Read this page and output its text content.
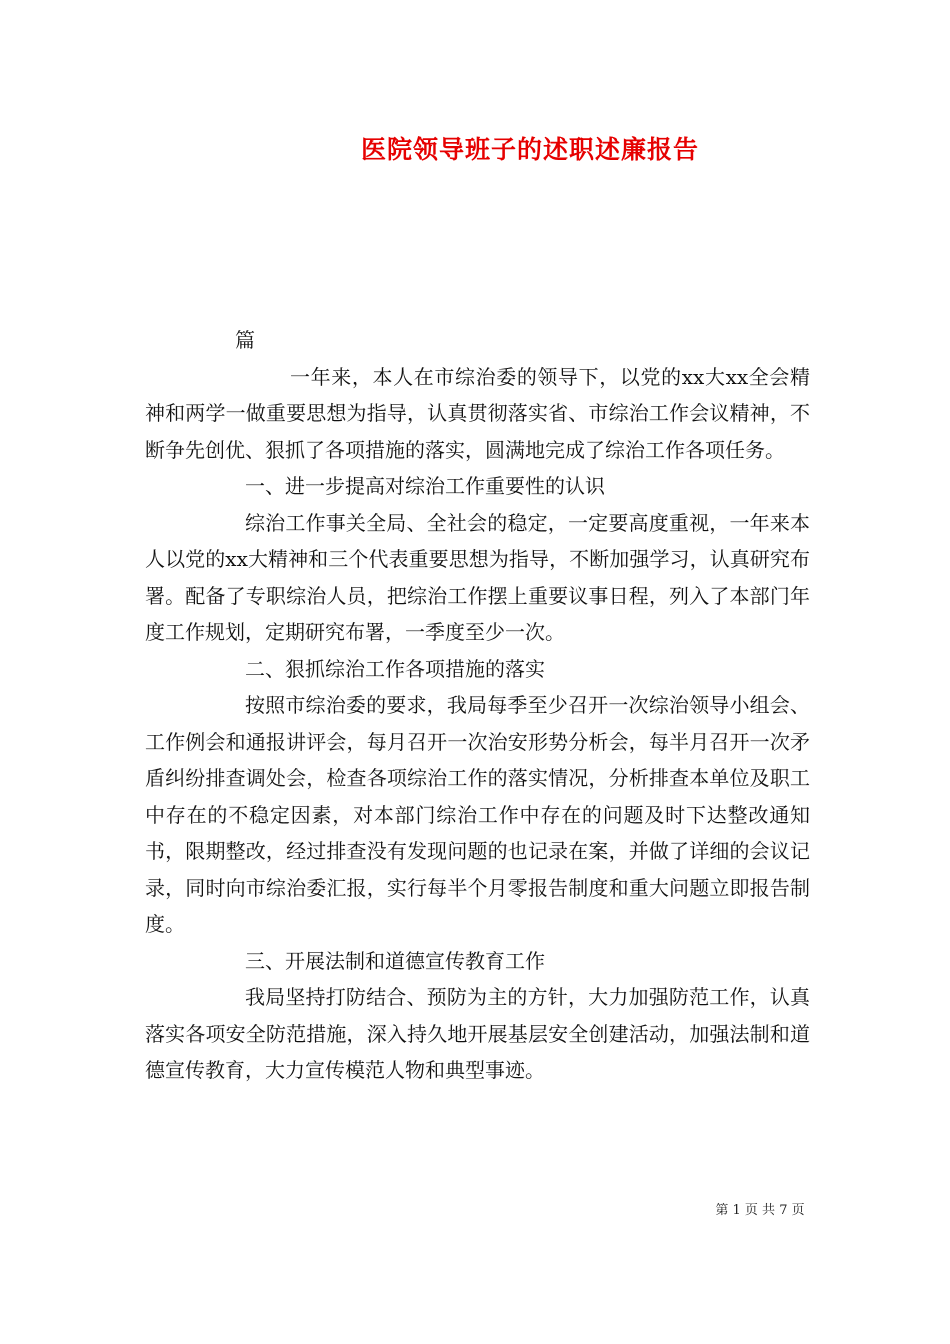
医院领导班子的述职述廉报告

篇

一年来，本人在市综治委的领导下，以党的xx大xx全会精神和两学一做重要思想为指导，认真贯彻落实省、市综治工作会议精神，不断争先创优、狠抓了各项措施的落实，圆满地完成了综治工作各项任务。

一、进一步提高对综治工作重要性的认识

综治工作事关全局、全社会的稳定，一定要高度重视，一年来本人以党的xx大精神和三个代表重要思想为指导，不断加强学习，认真研究布署。配备了专职综治人员，把综治工作摆上重要议事日程，列入了本部门年度工作规划，定期研究布署，一季度至少一次。

二、狠抓综治工作各项措施的落实

按照市综治委的要求，我局每季至少召开一次综治领导小组会、工作例会和通报讲评会，每月召开一次治安形势分析会，每半月召开一次矛盾纠纷排查调处会，检查各项综治工作的落实情况，分析排查本单位及职工中存在的不稳定因素，对本部门综治工作中存在的问题及时下达整改通知书，限期整改，经过排查没有发现问题的也记录在案，并做了详细的会议记录，同时向市综治委汇报，实行每半个月零报告制度和重大问题立即报告制度。

三、开展法制和道德宣传教育工作

我局坚持打防结合、预防为主的方针，大力加强防范工作，认真落实各项安全防范措施，深入持久地开展基层安全创建活动，加强法制和道德宣传教育，大力宣传模范人物和典型事迹。

第 1 页 共 7 页
